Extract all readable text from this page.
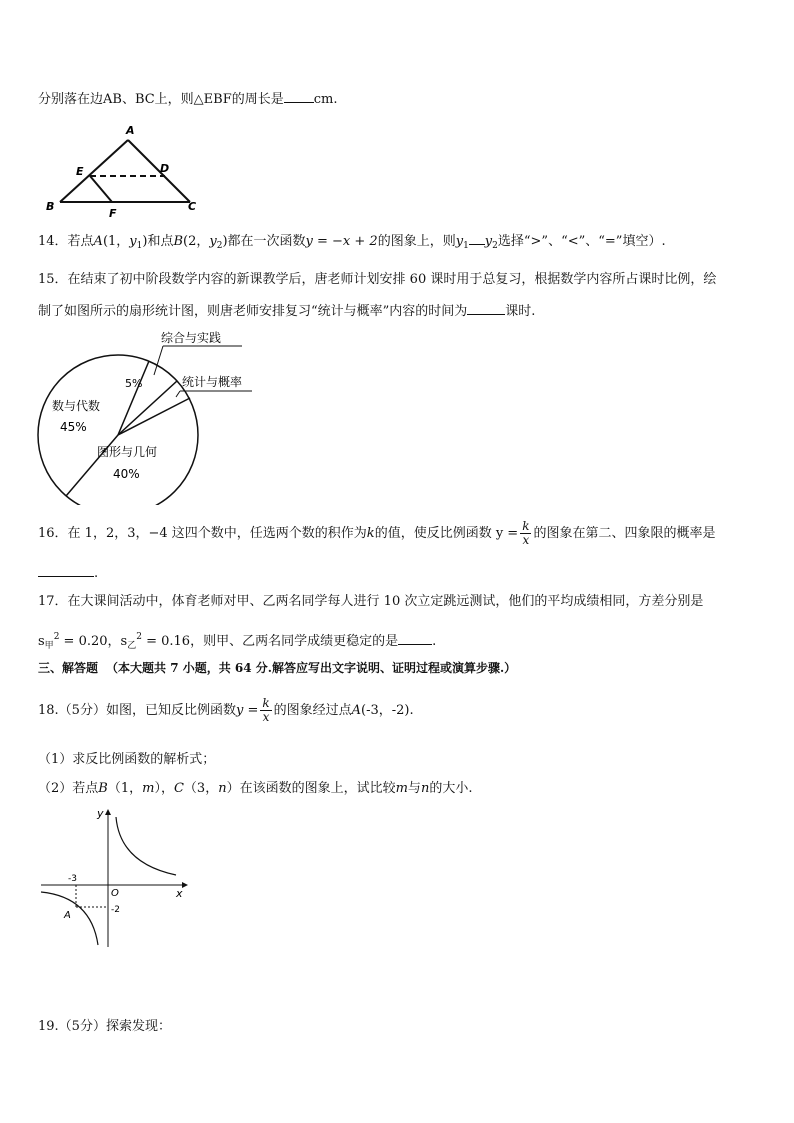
分别落在边AB、BC上，则△EBF的周长是 cm.
A
B	C
D
E
F
14．若点A(1，$y_1$)和点B(2，$y_2$)都在一次函数y = −x + 2的图象上，则$y_1$ $y_2$选择“>”、“<”、“=”填空）.
15．在结束了初中阶段数学内容的新课教学后，唐老师计划安排 60 课时用于总复习，根据数学内容所占课时比例，绘
制了如图所示的扇形统计图，则唐老师安排复习“统计与概率”内容的时间为	课时.
综合与实践
5%	统计与概率
数与代数
45%
图形与几何
40%
16．在 1，2，3，−4 这四个数中，任选两个数的积作为k的值，使反比例函数 $y = \frac{k}{x}$ 的图象在第二、四象限的概率是
.
17．在大课间活动中，体育老师对甲、乙两名同学每人进行 10 次立定跳远测试，他们的平均成绩相同，方差分别是
$s_甲^2 = 0.20$，$s_乙^2 = 0.16$，则甲、乙两名同学成绩更稳定的是	.
三、解答题 （本大题共 7 小题，共 64 分.解答应写出文字说明、证明过程或演算步骤.）
18.（5分）如图，已知反比例函数$y = \frac{k}{x}$ 的图象经过点A(-3，-2).
（1）求反比例函数的解析式；
（2）若点B（1，m），C（3，n）在该函数的图象上，试比较m与n的大小.
y
x
O
-3
-2
A
19.（5分）探索发现：
